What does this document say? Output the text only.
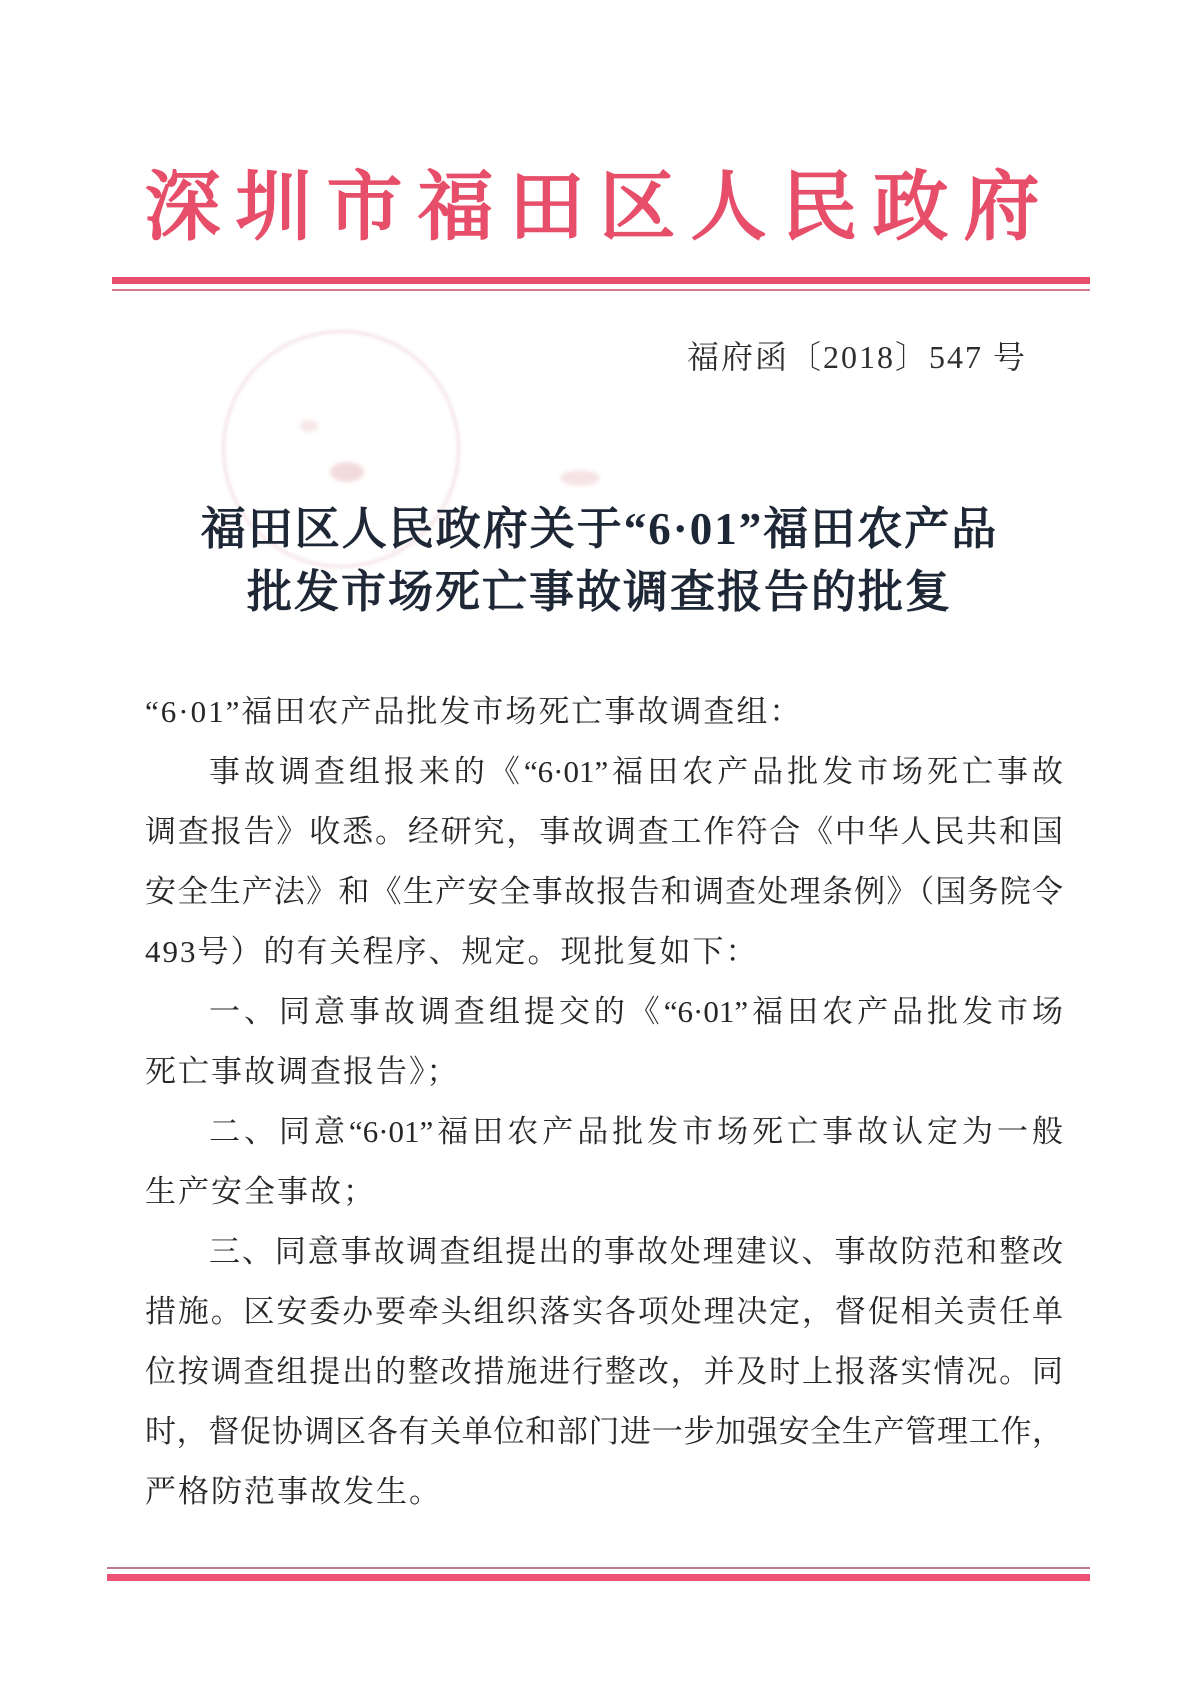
深圳市福田区人民政府
福府函〔2018〕547 号
福田区人民政府关于“6·01”福田农产品
批发市场死亡事故调查报告的批复
“6·01”福田农产品批发市场死亡事故调查组：
事故调查组报来的《“6·01”福田农产品批发市场死亡事故
调查报告》收悉。经研究，事故调查工作符合《中华人民共和国
安全生产法》和《生产安全事故报告和调查处理条例》（国务院令
493号）的有关程序、规定。现批复如下：
一、同意事故调查组提交的《“6·01”福田农产品批发市场
死亡事故调查报告》；
二、同意“6·01”福田农产品批发市场死亡事故认定为一般
生产安全事故；
三、同意事故调查组提出的事故处理建议、事故防范和整改
措施。区安委办要牵头组织落实各项处理决定，督促相关责任单
位按调查组提出的整改措施进行整改，并及时上报落实情况。同
时，督促协调区各有关单位和部门进一步加强安全生产管理工作，
严格防范事故发生。
